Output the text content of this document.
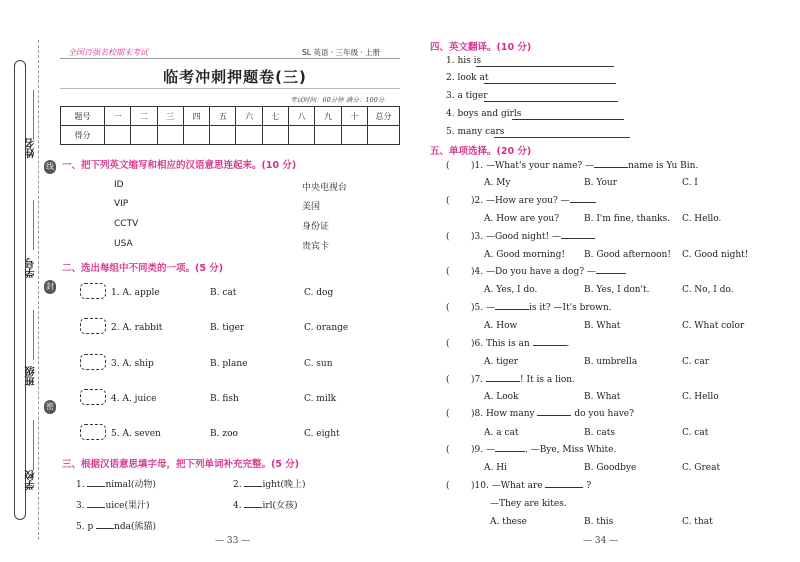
姓名
学号
班级
学校
线
封
密
全国百强名校期末考试	SL 英语 · 三年级 · 上册
临考冲刺押题卷(三)
考试时间：60分钟 满分：100分
题号	一	二	三	四	五	六	七	八	九	十	总分
得分											
一、把下列英文缩写和相应的汉语意思连起来。(10 分)
ID
VIP
CCTV
USA
中央电视台
美国
身份证
贵宾卡
二、选出每组中不同类的一项。(5 分)
1. A. apple	B. cat	C. dog
2. A. rabbit	B. tiger	C. orange
3. A. ship	B. plane	C. sun
4. A. juice	B. fish	C. milk
5. A. seven	B. zoo	C. eight
三、根据汉语意思填字母，把下列单词补充完整。(5 分)
1. nimal(动物)	2. ight(晚上)
3. uice(果汁)	4. irl(女孩)
5. p nda(熊猫)
— 33 —
四、英文翻译。(10 分)
1. his is
2. look at
3. a tiger
4. boys and girls
5. many cars
五、单项选择。(20 分)
— 34 —
( )1. —What's your name? —	name is Yu Bin.
A. My	B. Your	C. I
( )2. —How are you? —
A. How are you?	B. I'm fine, thanks. C. Hello.
( )3. —Good night! —
A. Good morning! B. Good afternoon! C. Good night!
( )4. —Do you have a dog? —
A. Yes, I do.	B. Yes, I don't.	C. No, I do.
( )5. —	is it? —It's brown.
A. How	B. What	C. What color
( )6. This is an	.
A. tiger	B. umbrella	C. car
( )7.	! It is a lion.
A. Look	B. What	C. Hello
( )8. How many	do you have?
A. a cat	B. cats	C. cat
( )9. —	. —Bye, Miss White.
A. Hi	B. Goodbye	C. Great
( )10. —What are	?
—They are kites.
A. these	B. this	C. that
